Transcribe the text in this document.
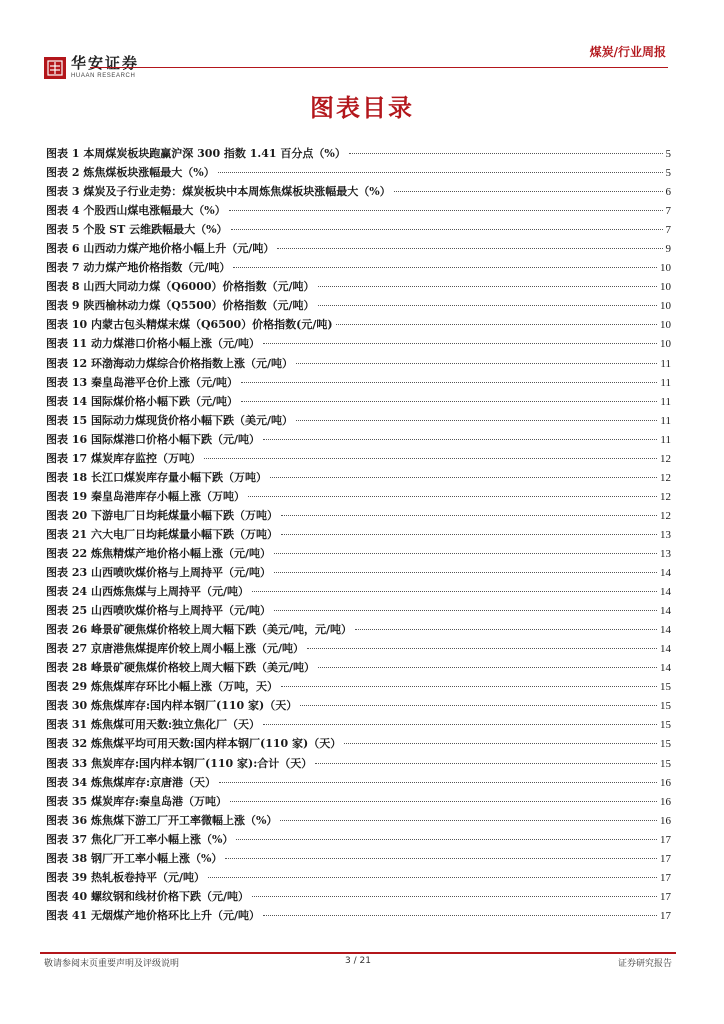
华安证券
HUAAN RESEARCH
煤炭/行业周报
图表目录
图表 1 本周煤炭板块跑赢沪深 300 指数 1.41 百分点（%）	5
图表 2 炼焦煤板块涨幅最大（%）	5
图表 3 煤炭及子行业走势：煤炭板块中本周炼焦煤板块涨幅最大（%）	6
图表 4 个股西山煤电涨幅最大（%）	7
图表 5 个股 ST 云维跌幅最大（%）	7
图表 6 山西动力煤产地价格小幅上升（元/吨）	9
图表 7 动力煤产地价格指数（元/吨）	10
图表 8 山西大同动力煤（Q6000）价格指数（元/吨）	10
图表 9 陕西榆林动力煤（Q5500）价格指数（元/吨）	10
图表 10 内蒙古包头精煤末煤（Q6500）价格指数(元/吨)	10
图表 11 动力煤港口价格小幅上涨（元/吨）	10
图表 12 环渤海动力煤综合价格指数上涨（元/吨）	11
图表 13 秦皇岛港平仓价上涨（元/吨）	11
图表 14 国际煤价格小幅下跌（元/吨）	11
图表 15 国际动力煤现货价格小幅下跌（美元/吨）	11
图表 16 国际煤港口价格小幅下跌（元/吨）	11
图表 17 煤炭库存监控（万吨）	12
图表 18 长江口煤炭库存量小幅下跌（万吨）	12
图表 19 秦皇岛港库存小幅上涨（万吨）	12
图表 20 下游电厂日均耗煤量小幅下跌（万吨）	12
图表 21 六大电厂日均耗煤量小幅下跌（万吨）	13
图表 22 炼焦精煤产地价格小幅上涨（元/吨）	13
图表 23 山西喷吹煤价格与上周持平（元/吨）	14
图表 24 山西炼焦煤与上周持平（元/吨）	14
图表 25 山西喷吹煤价格与上周持平（元/吨）	14
图表 26 峰景矿硬焦煤价格较上周大幅下跌（美元/吨，元/吨）	14
图表 27 京唐港焦煤提库价较上周小幅上涨（元/吨）	14
图表 28 峰景矿硬焦煤价格较上周大幅下跌（美元/吨）	14
图表 29 炼焦煤库存环比小幅上涨（万吨，天）	15
图表 30 炼焦煤库存:国内样本钢厂(110 家)（天）	15
图表 31 炼焦煤可用天数:独立焦化厂（天）	15
图表 32 炼焦煤平均可用天数:国内样本钢厂(110 家)（天）	15
图表 33 焦炭库存:国内样本钢厂(110 家):合计（天）	15
图表 34 炼焦煤库存:京唐港（天）	16
图表 35 煤炭库存:秦皇岛港（万吨）	16
图表 36 炼焦煤下游工厂开工率微幅上涨（%）	16
图表 37 焦化厂开工率小幅上涨（%）	17
图表 38 钢厂开工率小幅上涨（%）	17
图表 39 热轧板卷持平（元/吨）	17
图表 40 螺纹钢和线材价格下跌（元/吨）	17
图表 41 无烟煤产地价格环比上升（元/吨）	17
敬请参阅末页重要声明及评级说明	3 / 21	证券研究报告
